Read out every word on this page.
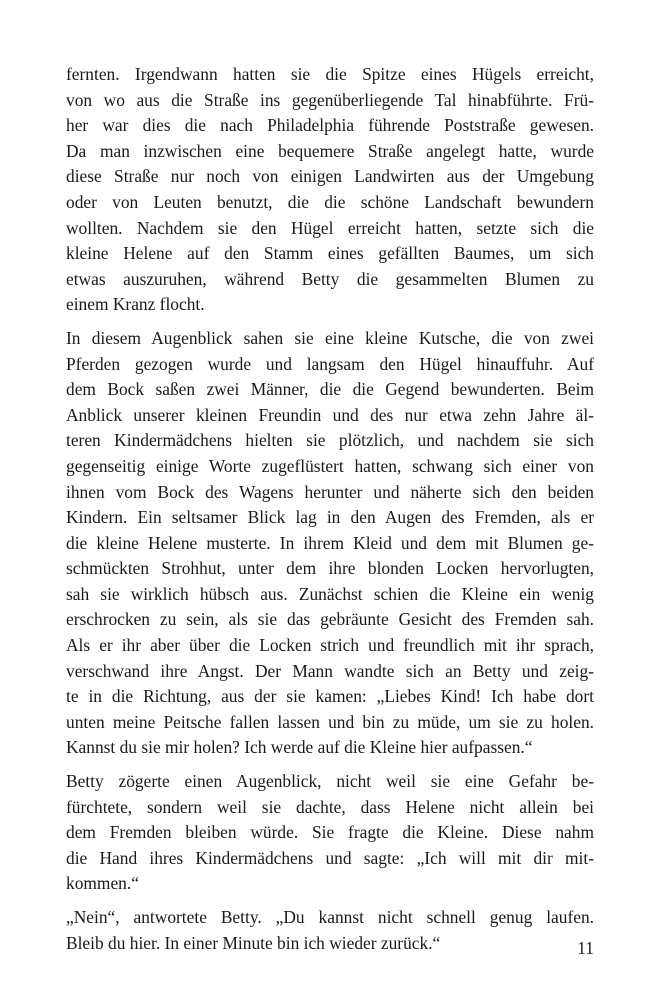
fernten. Irgendwann hatten sie die Spitze eines Hügels erreicht,
von wo aus die Straße ins gegenüberliegende Tal hinabführte. Frü-
her war dies die nach Philadelphia führende Poststraße gewesen.
Da man inzwischen eine bequemere Straße angelegt hatte, wurde
diese Straße nur noch von einigen Landwirten aus der Umgebung
oder von Leuten benutzt, die die schöne Landschaft bewundern
wollten. Nachdem sie den Hügel erreicht hatten, setzte sich die
kleine Helene auf den Stamm eines gefällten Baumes, um sich
etwas auszuruhen, während Betty die gesammelten Blumen zu
einem Kranz flocht.

In diesem Augenblick sahen sie eine kleine Kutsche, die von zwei
Pferden gezogen wurde und langsam den Hügel hinauffuhr. Auf
dem Bock saßen zwei Männer, die die Gegend bewunderten. Beim
Anblick unserer kleinen Freundin und des nur etwa zehn Jahre äl-
teren Kindermädchens hielten sie plötzlich, und nachdem sie sich
gegenseitig einige Worte zugeflüstert hatten, schwang sich einer von
ihnen vom Bock des Wagens herunter und näherte sich den beiden
Kindern. Ein seltsamer Blick lag in den Augen des Fremden, als er
die kleine Helene musterte. In ihrem Kleid und dem mit Blumen ge-
schmückten Strohhut, unter dem ihre blonden Locken hervorlugten,
sah sie wirklich hübsch aus. Zunächst schien die Kleine ein wenig
erschrocken zu sein, als sie das gebräunte Gesicht des Fremden sah.
Als er ihr aber über die Locken strich und freundlich mit ihr sprach,
verschwand ihre Angst. Der Mann wandte sich an Betty und zeig-
te in die Richtung, aus der sie kamen: „Liebes Kind! Ich habe dort
unten meine Peitsche fallen lassen und bin zu müde, um sie zu holen.
Kannst du sie mir holen? Ich werde auf die Kleine hier aufpassen.“

Betty zögerte einen Augenblick, nicht weil sie eine Gefahr be-
fürchtete, sondern weil sie dachte, dass Helene nicht allein bei
dem Fremden bleiben würde. Sie fragte die Kleine. Diese nahm
die Hand ihres Kindermädchens und sagte: „Ich will mit dir mit-
kommen.“

„Nein“, antwortete Betty. „Du kannst nicht schnell genug laufen.
Bleib du hier. In einer Minute bin ich wieder zurück.“	11
